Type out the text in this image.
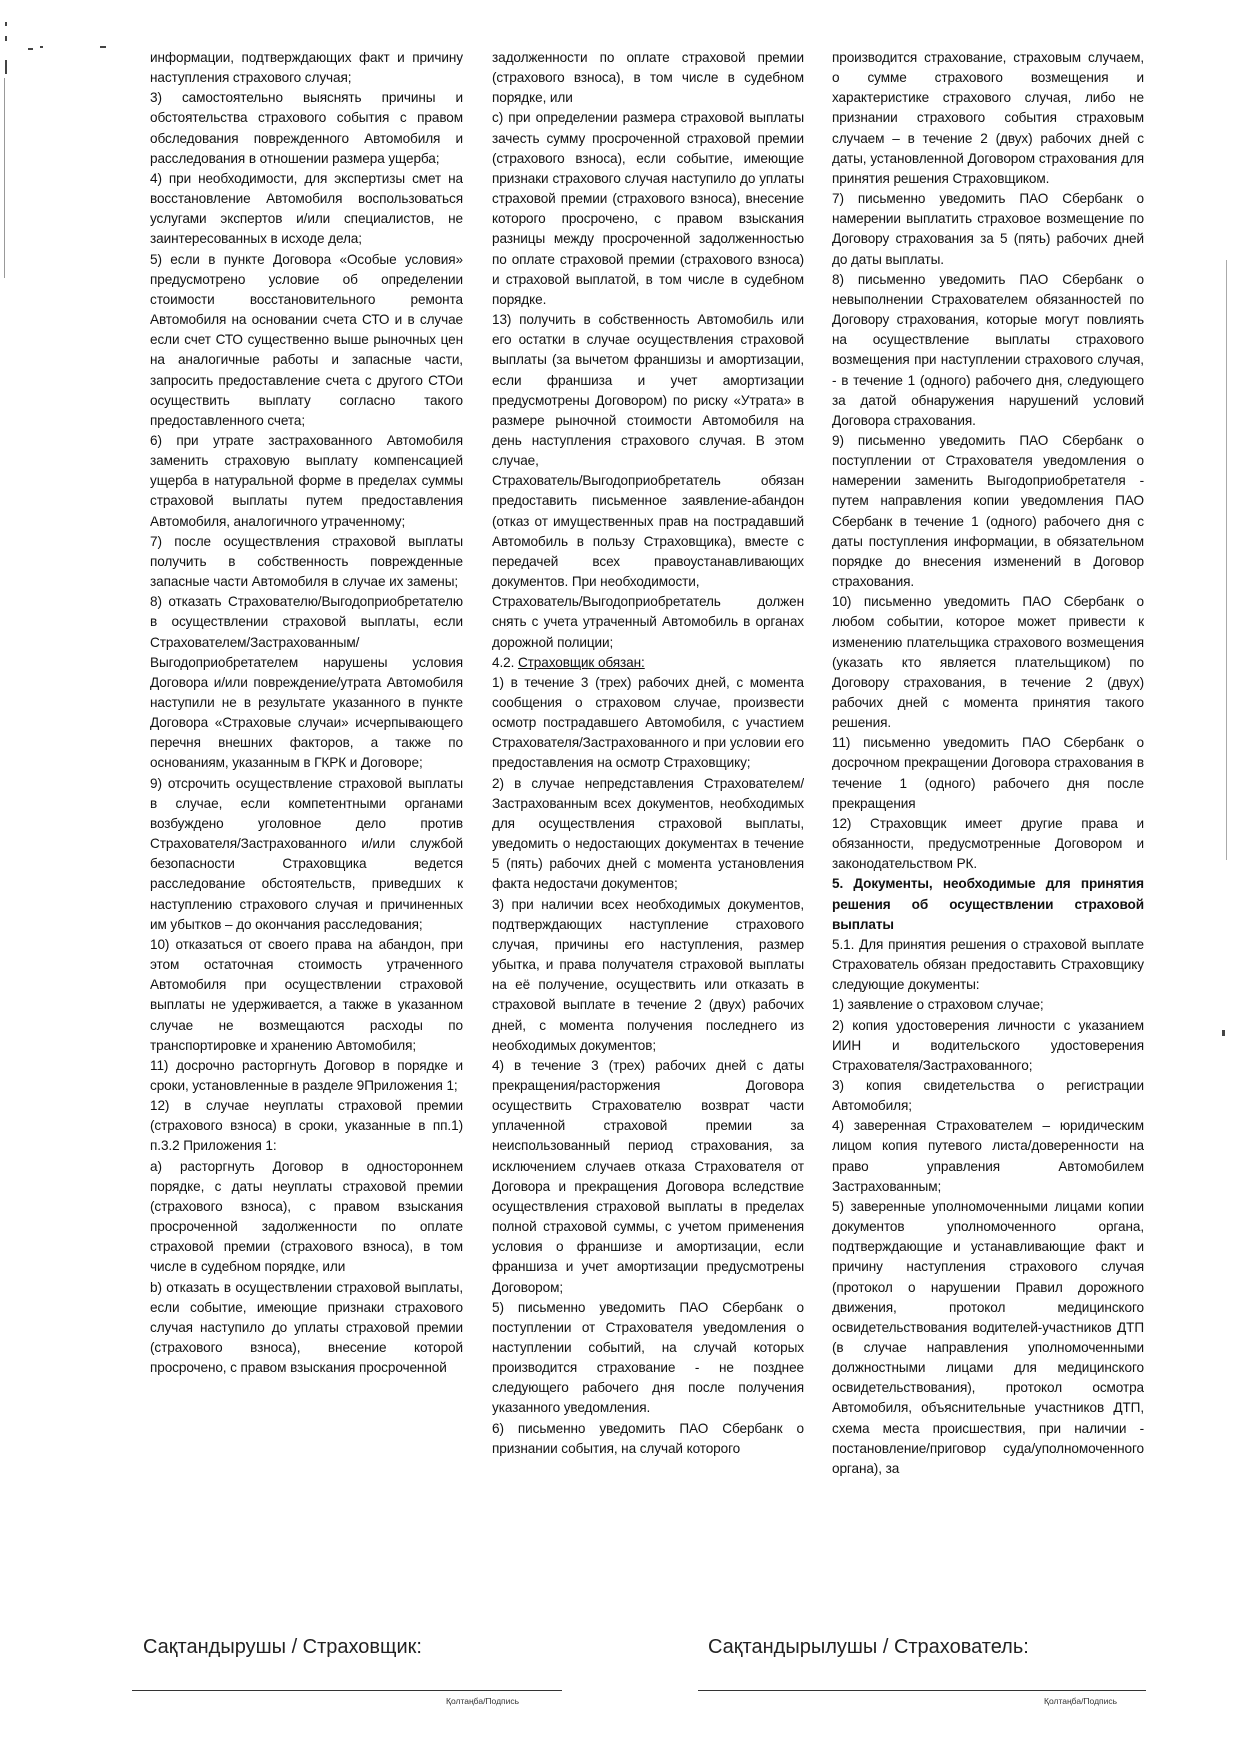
информации, подтверждающих факт и причину наступления страхового случая;

3) самостоятельно выяснять причины и обстоятельства страхового события с правом обследования поврежденного Автомобиля и расследования в отношении размера ущерба;

4) при необходимости, для экспертизы смет на восстановление Автомобиля воспользоваться услугами экспертов и/или специалистов, не заинтересованных в исходе дела;

5) если в пункте Договора «Особые условия» предусмотрено условие об определении стоимости восстановительного ремонта Автомобиля на основании счета СТО и в случае если счет СТО существенно выше рыночных цен на аналогичные работы и запасные части, запросить предоставление счета с другого СТОи осуществить выплату согласно такого предоставленного счета;

6) при утрате застрахованного Автомобиля заменить страховую выплату компенсацией ущерба в натуральной форме в пределах суммы страховой выплаты путем предоставления Автомобиля, аналогичного утраченному;

7) после осуществления страховой выплаты получить в собственность поврежденные запасные части Автомобиля в случае их замены;

8) отказать Страхователю/Выгодоприобретателю в осуществлении страховой выплаты, если Страхователем/Застрахованным/Выгодоприобретателем нарушены условия Договора и/или повреждение/утрата Автомобиля наступили не в результате указанного в пункте Договора «Страховые случаи» исчерпывающего перечня внешних факторов, а также по основаниям, указанным в ГКРК и Договоре;

9) отсрочить осуществление страховой выплаты в случае, если компетентными органами возбуждено уголовное дело против Страхователя/Застрахованного и/или службой безопасности Страховщика ведется расследование обстоятельств, приведших к наступлению страхового случая и причиненных им убытков – до окончания расследования;

10) отказаться от своего права на абандон, при этом остаточная стоимость утраченного Автомобиля при осуществлении страховой выплаты не удерживается, а также в указанном случае не возмещаются расходы по транспортировке и хранению Автомобиля;

11) досрочно расторгнуть Договор в порядке и сроки, установленные в разделе 9Приложения 1;

12) в случае неуплаты страховой премии (страхового взноса) в сроки, указанные в пп.1) п.3.2 Приложения 1:

а) расторгнуть Договор в одностороннем порядке, с даты неуплаты страховой премии (страхового взноса), с правом взыскания просроченной задолженности по оплате страховой премии (страхового взноса), в том числе в судебном порядке, или

b) отказать в осуществлении страховой выплаты, если событие, имеющие признаки страхового случая наступило до уплаты страховой премии (страхового взноса), внесение которой просрочено, с правом взыскания просроченной

задолженности по оплате страховой премии (страхового взноса), в том числе в судебном порядке, или

с) при определении размера страховой выплаты зачесть сумму просроченной страховой премии (страхового взноса), если событие, имеющие признаки страхового случая наступило до уплаты страховой премии (страхового взноса), внесение которого просрочено, с правом взыскания разницы между просроченной задолженностью по оплате страховой премии (страхового взноса) и страховой выплатой, в том числе в судебном порядке.

13) получить в собственность Автомобиль или его остатки в случае осуществления страховой выплаты (за вычетом франшизы и амортизации, если франшиза и учет амортизации предусмотрены Договором) по риску «Утрата» в размере рыночной стоимости Автомобиля на день наступления страхового случая. В этом случае,

Страхователь/Выгодоприобретатель обязан предоставить письменное заявление-абандон (отказ от имущественных прав на пострадавший Автомобиль в пользу Страховщика), вместе с передачей всех правоустанавливающих документов. При необходимости,

Страхователь/Выгодоприобретатель должен снять с учета утраченный Автомобиль в органах дорожной полиции;

4.2. Страховщик обязан:

1) в течение 3 (трех) рабочих дней, с момента сообщения о страховом случае, произвести осмотр пострадавшего Автомобиля, с участием Страхователя/Застрахованного и при условии его предоставления на осмотр Страховщику;

2) в случае непредставления Страхователем/Застрахованным всех документов, необходимых для осуществления страховой выплаты, уведомить о недостающих документах в течение 5 (пять) рабочих дней с момента установления факта недостачи документов;

3) при наличии всех необходимых документов, подтверждающих наступление страхового случая, причины его наступления, размер убытка, и права получателя страховой выплаты на её получение, осуществить или отказать в страховой выплате в течение 2 (двух) рабочих дней, с момента получения последнего из необходимых документов;

4) в течение 3 (трех) рабочих дней с даты прекращения/расторжения Договора осуществить Страхователю возврат части уплаченной страховой премии за неиспользованный период страхования, за исключением случаев отказа Страхователя от Договора и прекращения Договора вследствие осуществления страховой выплаты в пределах полной страховой суммы, с учетом применения условия о франшизе и амортизации, если франшиза и учет амортизации предусмотрены Договором;

5) письменно уведомить ПАО Сбербанк о поступлении от Страхователя уведомления о наступлении событий, на случай которых производится страхование - не позднее следующего рабочего дня после получения указанного уведомления.

6) письменно уведомить ПАО Сбербанк о признании события, на случай которого

производится страхование, страховым случаем, о сумме страхового возмещения и характеристике страхового случая, либо не признании страхового события страховым случаем – в течение 2 (двух) рабочих дней с даты, установленной Договором страхования для принятия решения Страховщиком.

7) письменно уведомить ПАО Сбербанк о намерении выплатить страховое возмещение по Договору страхования за 5 (пять) рабочих дней до даты выплаты.

8) письменно уведомить ПАО Сбербанк о невыполнении Страхователем обязанностей по Договору страхования, которые могут повлиять на осуществление выплаты страхового возмещения при наступлении страхового случая, - в течение 1 (одного) рабочего дня, следующего за датой обнаружения нарушений условий Договора страхования.

9) письменно уведомить ПАО Сбербанк о поступлении от Страхователя уведомления о намерении заменить Выгодоприобретателя - путем направления копии уведомления ПАО Сбербанк в течение 1 (одного) рабочего дня с даты поступления информации, в обязательном порядке до внесения изменений в Договор страхования.

10) письменно уведомить ПАО Сбербанк о любом событии, которое может привести к изменению плательщика страхового возмещения (указать кто является плательщиком) по Договору страхования, в течение 2 (двух) рабочих дней с момента принятия такого решения.

11) письменно уведомить ПАО Сбербанк о досрочном прекращении Договора страхования в течение 1 (одного) рабочего дня после прекращения

12) Страховщик имеет другие права и обязанности, предусмотренные Договором и законодательством РК.

5. Документы, необходимые для принятия решения об осуществлении страховой выплаты

5.1. Для принятия решения о страховой выплате Страхователь обязан предоставить Страховщику следующие документы:

1) заявление о страховом случае;

2) копия удостоверения личности с указанием ИИН и водительского удостоверения Страхователя/Застрахованного;

3) копия свидетельства о регистрации Автомобиля;

4) заверенная Страхователем – юридическим лицом копия путевого листа/доверенности на право управления Автомобилем Застрахованным;

5) заверенные уполномоченными лицами копии документов уполномоченного органа, подтверждающие и устанавливающие факт и причину наступления страхового случая (протокол о нарушении Правил дорожного движения, протокол медицинского освидетельствования водителей-участников ДТП (в случае направления уполномоченными должностными лицами для медицинского освидетельствования), протокол осмотра Автомобиля, объяснительные участников ДТП, схема места происшествия, при наличии - постановление/приговор суда/уполномоченного органа), за

Сақтандырушы / Страховщик:	Сақтандырылушы / Страхователь:
Қолтаңба/Подпись	Қолтаңба/Подпись
